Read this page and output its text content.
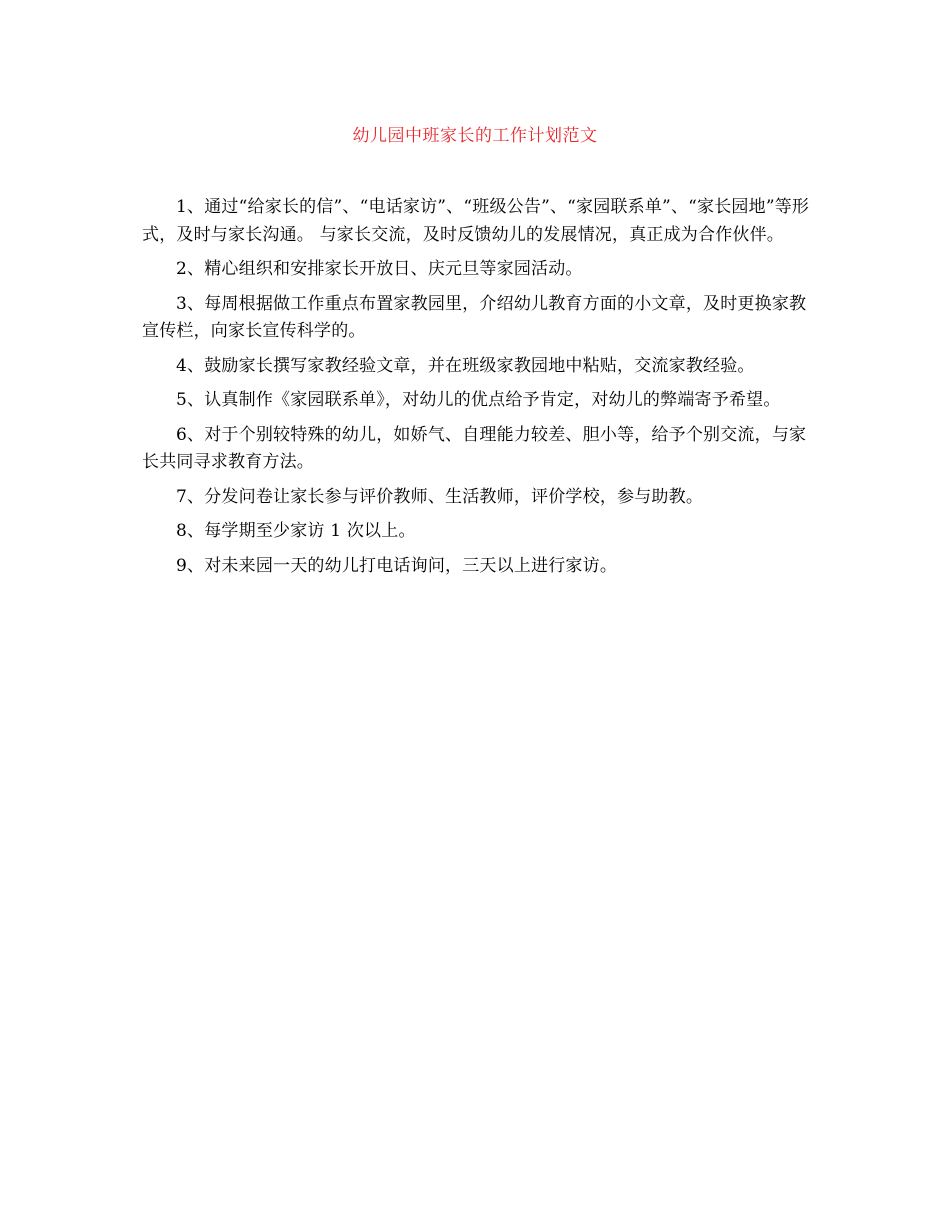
幼儿园中班家长的工作计划范文

1、通过“给家长的信”、“电话家访”、“班级公告”、“家园联系单”、“家长园地”等形式，及时与家长沟通。 与家长交流，及时反馈幼儿的发展情况，真正成为合作伙伴。

2、精心组织和安排家长开放日、庆元旦等家园活动。

3、每周根据做工作重点布置家教园里，介绍幼儿教育方面的小文章，及时更换家教宣传栏，向家长宣传科学的。

4、鼓励家长撰写家教经验文章，并在班级家教园地中粘贴，交流家教经验。

5、认真制作《家园联系单》，对幼儿的优点给予肯定，对幼儿的弊端寄予希望。

6、对于个别较特殊的幼儿，如娇气、自理能力较差、胆小等，给予个别交流，与家长共同寻求教育方法。

7、分发问卷让家长参与评价教师、生活教师，评价学校，参与助教。

8、每学期至少家访 1 次以上。

9、对未来园一天的幼儿打电话询问，三天以上进行家访。
